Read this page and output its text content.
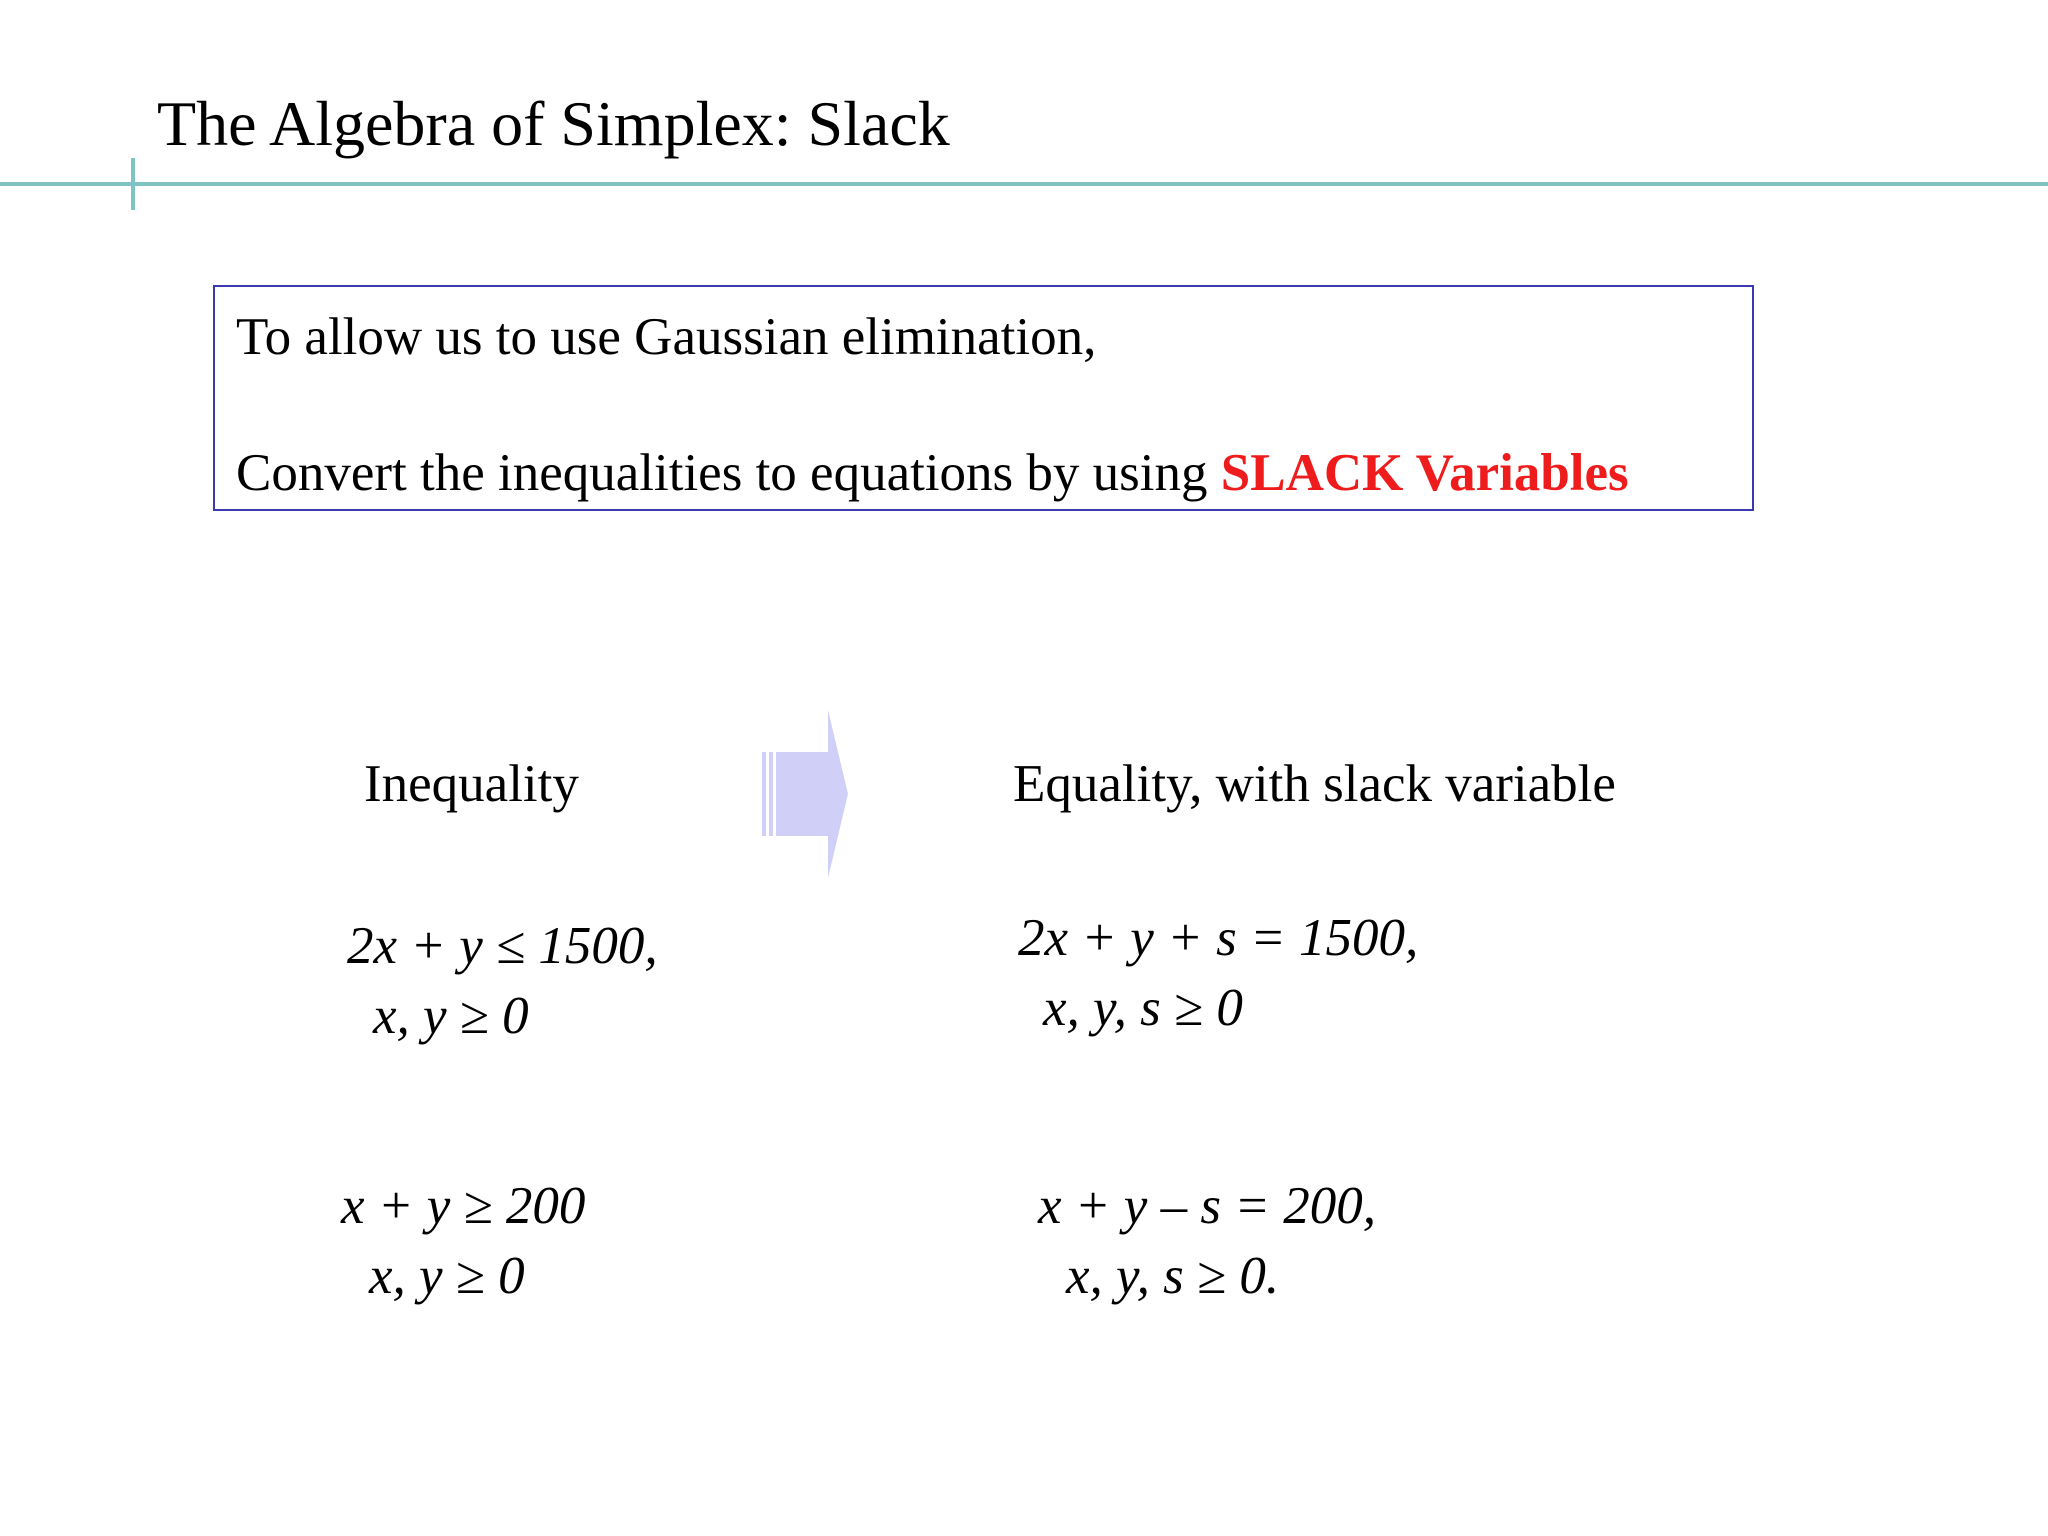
The Algebra of Simplex: Slack
To allow us to use Gaussian elimination,
Convert the inequalities to equations by using SLACK Variables
Inequality	Equality, with slack variable
2x + y ≤ 1500,
x, y ≥ 0
2x + y + s = 1500,
x, y, s ≥ 0
x + y ≥ 200
x, y ≥ 0
x + y – s = 200,
x, y, s ≥ 0.
